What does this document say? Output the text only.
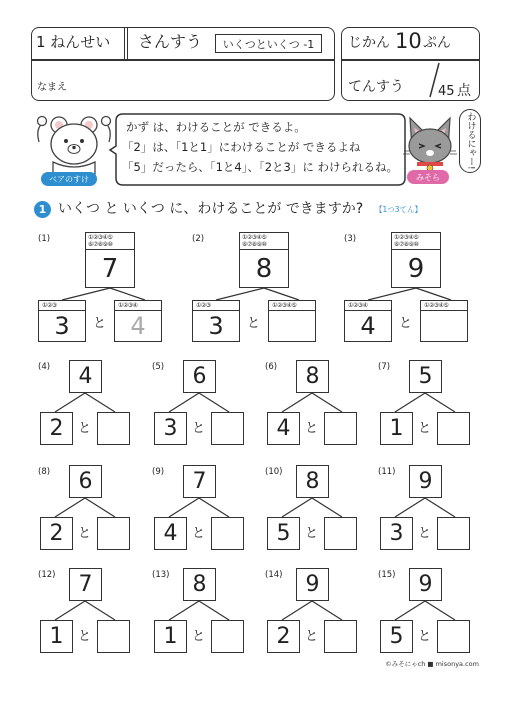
1 ねんせい さんすう いくつといくつ -1
なまえ
じかん 10 ぷん
てんすう	45 点
ベアのすけ
かず は、わけることが できるよ。
「2」は、「1と1」にわけることが できるよね
「5」だったら、「1と4」、「2と3」に わけられるね。	わけるにゃー!
みそら
1 いくつ と いくつ に、わけることが できますか? 【1つ3てん】
(1)	①②③④⑤
⑥⑦⑧⑨⑩
7
①②③
3	と
①②③④
4
(2)	①②③④⑤
⑥⑦⑧⑨⑩
8
①②③
3	と
①②③④⑤
(3)	①②③④⑤
⑥⑦⑧⑨⑩
9
①②③④
4	と
①②③④⑤
(4)	4
2	と
(5)	6
3	と
(6)	8
4	と
(7)	5
1	と
(8)	6
2	と
(9)	7
4	と
(10)	8
5	と
(11)	9
3	と
(12)	7
1	と
(13)	8
1	と
(14)	9
2	と
(15)	9
5	と
©みそにゃch ■ misonya.com
